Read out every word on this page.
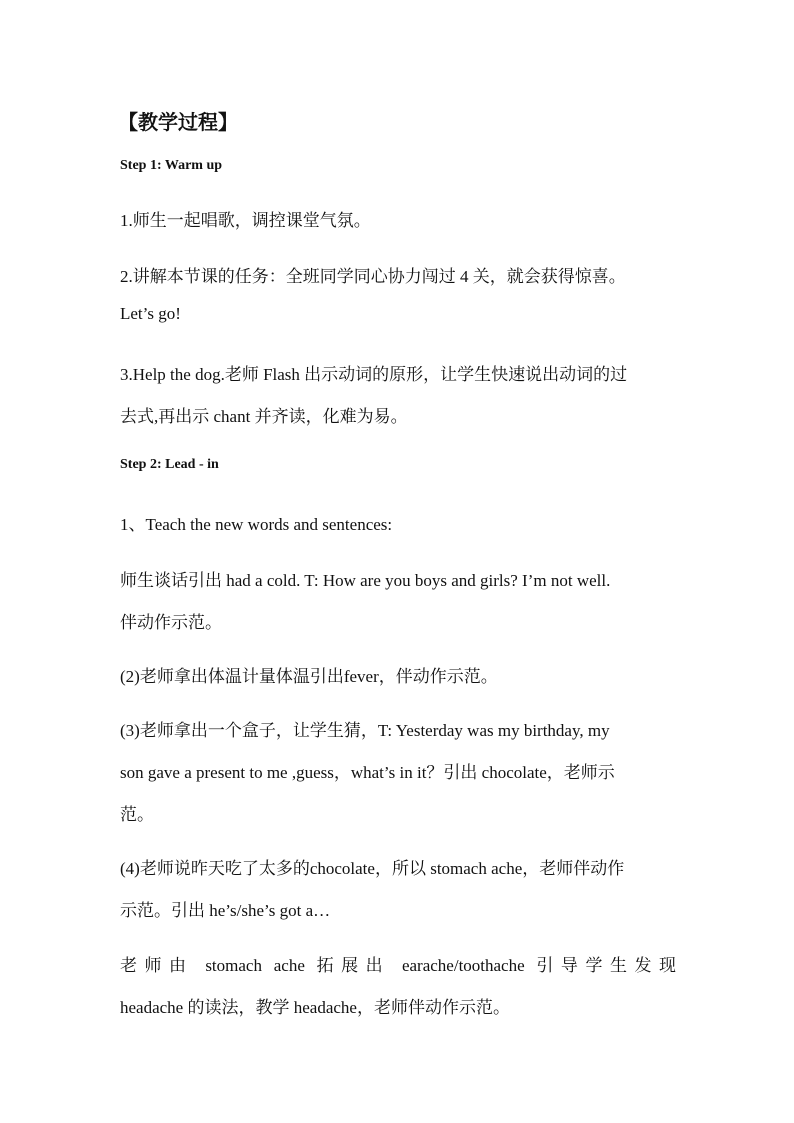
【教学过程】
Step 1: Warm up
1.师生一起唱歌，调控课堂气氛。
2.讲解本节课的任务：全班同学同心协力闯过 4 关，就会获得惊喜。
Let’s go!
3.Help the dog.老师 Flash 出示动词的原形，让学生快速说出动词的过
去式,再出示 chant 并齐读，化难为易。
Step 2: Lead - in
1、Teach the new words and sentences:
师生谈话引出 had a cold. T: How are you boys and girls? I’m not well.
伴动作示范。
(2)老师拿出体温计量体温引出fever，伴动作示范。
(3)老师拿出一个盒子，让学生猜，T: Yesterday was my birthday, my
son gave a present to me ,guess，what’s in it？引出 chocolate，老师示
范。
(4)老师说昨天吃了太多的chocolate，所以 stomach ache，老师伴动作
示范。引出 he’s/she’s got a…
老师由 stomach ache 拓展出 earache/toothache 引导学生发现
headache 的读法，教学 headache，老师伴动作示范。
